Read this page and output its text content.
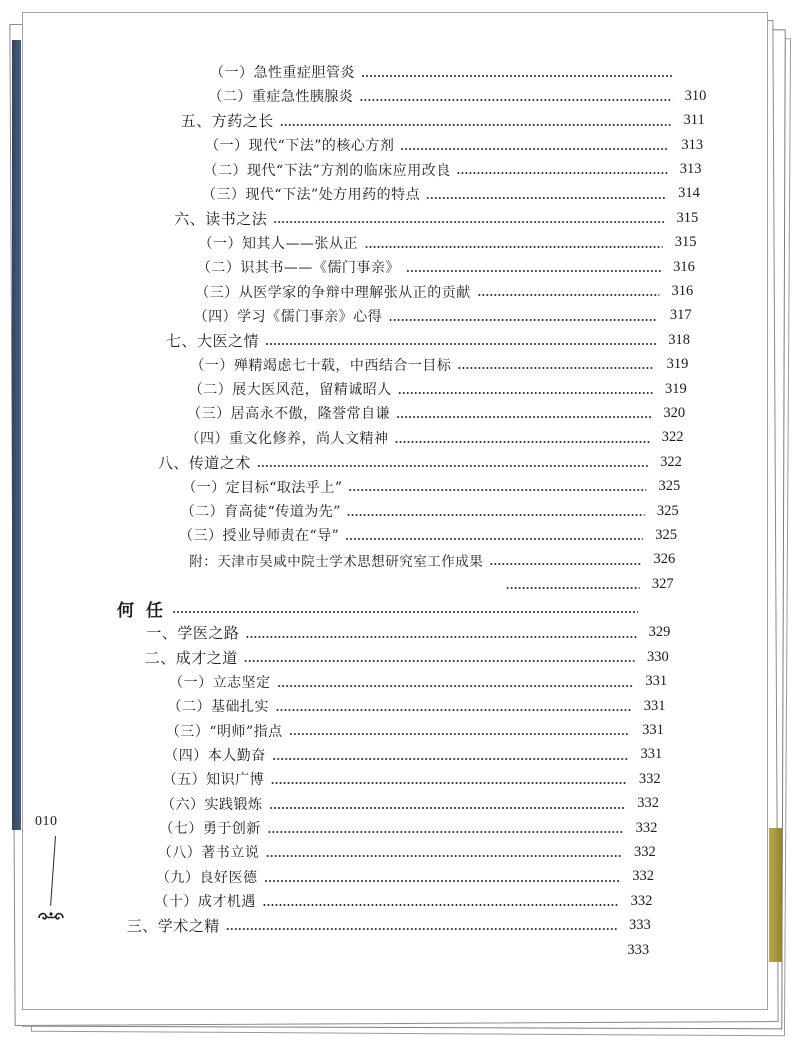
（一）急性重症胆管炎
（二）重症急性胰腺炎	310
五、方药之长	311
（一）现代“下法”的核心方剂	313
（二）现代“下法”方剂的临床应用改良	313
（三）现代“下法”处方用药的特点	314
六、读书之法	315
（一）知其人——张从正	315
（二）识其书——《儒门事亲》	316
（三）从医学家的争辩中理解张从正的贡献	316
（四）学习《儒门事亲》心得	317
七、大医之情	318
（一）殚精竭虑七十载，中西结合一目标	319
（二）展大医风范，留精诚昭人	319
（三）居高永不傲，隆誉常自谦	320
（四）重文化修养，尚人文精神	322
八、传道之术	322
（一）定目标“取法乎上”	325
（二）育高徒“传道为先”	325
（三）授业导师责在“导”	325
附：天津市吴咸中院士学术思想研究室工作成果	326
327
何 任
一、学医之路	329
二、成才之道	330
（一）立志坚定	331
（二）基础扎实	331
（三）“明师”指点	331
（四）本人勤奋	331
（五）知识广博	332
（六）实践锻炼	332
（七）勇于创新	332
（八）著书立说	332
（九）良好医德	332
（十）成才机遇	332
三、学术之精	333
333
010
